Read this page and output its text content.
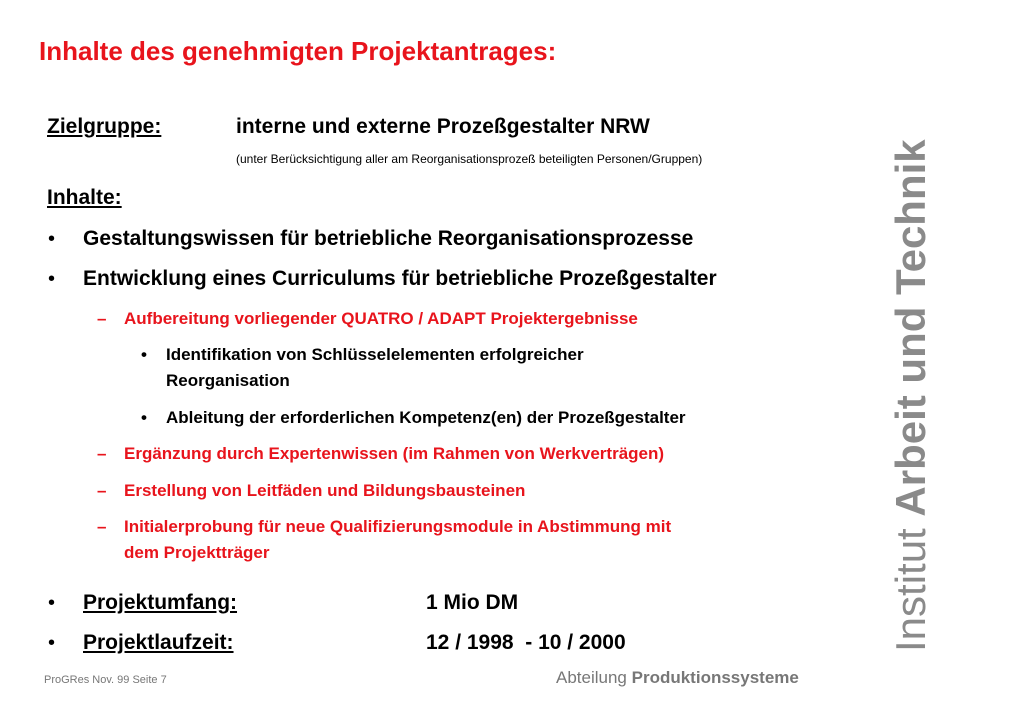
Inhalte des genehmigten Projektantrages:
Zielgruppe:	interne und externe Prozeßgestalter NRW
(unter Berücksichtigung aller am Reorganisationsprozeß beteiligten Personen/Gruppen)
Inhalte:
• Gestaltungswissen für betriebliche Reorganisationsprozesse
• Entwicklung eines Curriculums für betriebliche Prozeßgestalter
– Aufbereitung vorliegender QUATRO / ADAPT Projektergebnisse
• Identifikation von Schlüsselelementen erfolgreicher
Reorganisation
• Ableitung der erforderlichen Kompetenz(en) der Prozeßgestalter
– Ergänzung durch Expertenwissen (im Rahmen von Werkverträgen)
– Erstellung von Leitfäden und Bildungsbausteinen
– Initialerprobung für neue Qualifizierungsmodule in Abstimmung mit
dem Projektträger
• Projektumfang:	1 Mio DM
• Projektlaufzeit:	12 / 1998  - 10 / 2000	Institut Arbeit und Technik
ProGRes Nov. 99 Seite 7	Abteilung Produktionssysteme
